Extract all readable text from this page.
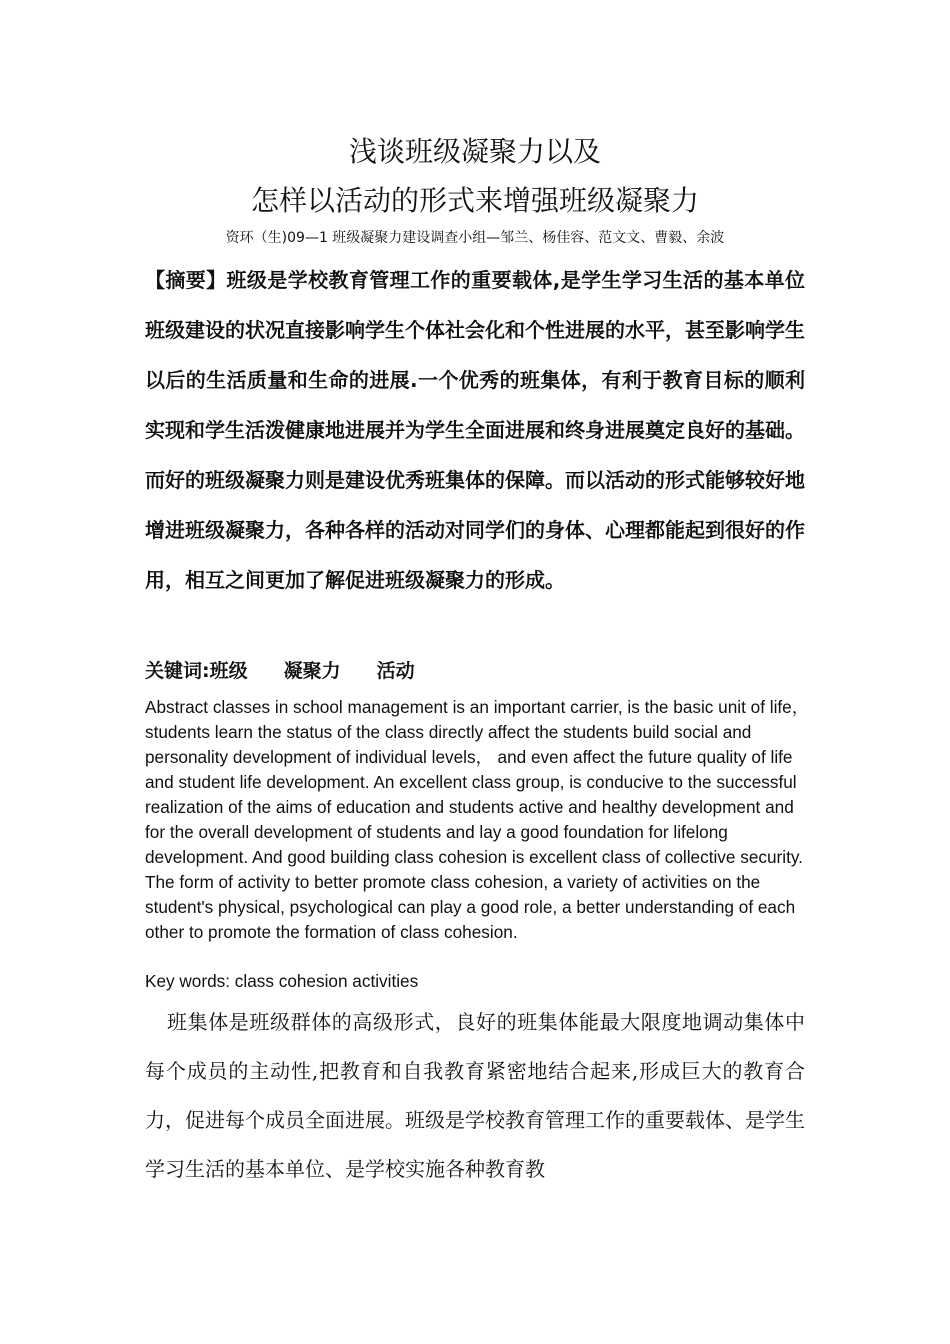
浅谈班级凝聚力以及
怎样以活动的形式来增强班级凝聚力
资环（生)09—1 班级凝聚力建设调查小组—邹兰、杨佳容、范文文、曹毅、余波

【摘要】班级是学校教育管理工作的重要载体,是学生学习生活的基本单位班级建设的状况直接影响学生个体社会化和个性进展的水平，甚至影响学生以后的生活质量和生命的进展.一个优秀的班集体，有利于教育目标的顺利实现和学生活泼健康地进展并为学生全面进展和终身进展奠定良好的基础。而好的班级凝聚力则是建设优秀班集体的保障。而以活动的形式能够较好地增进班级凝聚力，各种各样的活动对同学们的身体、心理都能起到很好的作用，相互之间更加了解促进班级凝聚力的形成。

关键词:班级 凝聚力 活动

Abstract classes in school management is an important carrier, is the basic unit of life， students learn the status of the class directly affect the students build social and personality development of individual levels， and even affect the future quality of life and student life development. An excellent class group, is conducive to the successful realization of the aims of education and students active and healthy development and for the overall development of students and lay a good foundation for lifelong development. And good building class cohesion is excellent class of collective security. The form of activity to better promote class cohesion, a variety of activities on the student's physical, psychological can play a good role, a better understanding of each other to promote the formation of class cohesion.

Key words: class cohesion activities

班集体是班级群体的高级形式，良好的班集体能最大限度地调动集体中每个成员的主动性,把教育和自我教育紧密地结合起来,形成巨大的教育合力，促进每个成员全面进展。班级是学校教育管理工作的重要载体、是学生学习生活的基本单位、是学校实施各种教育教
